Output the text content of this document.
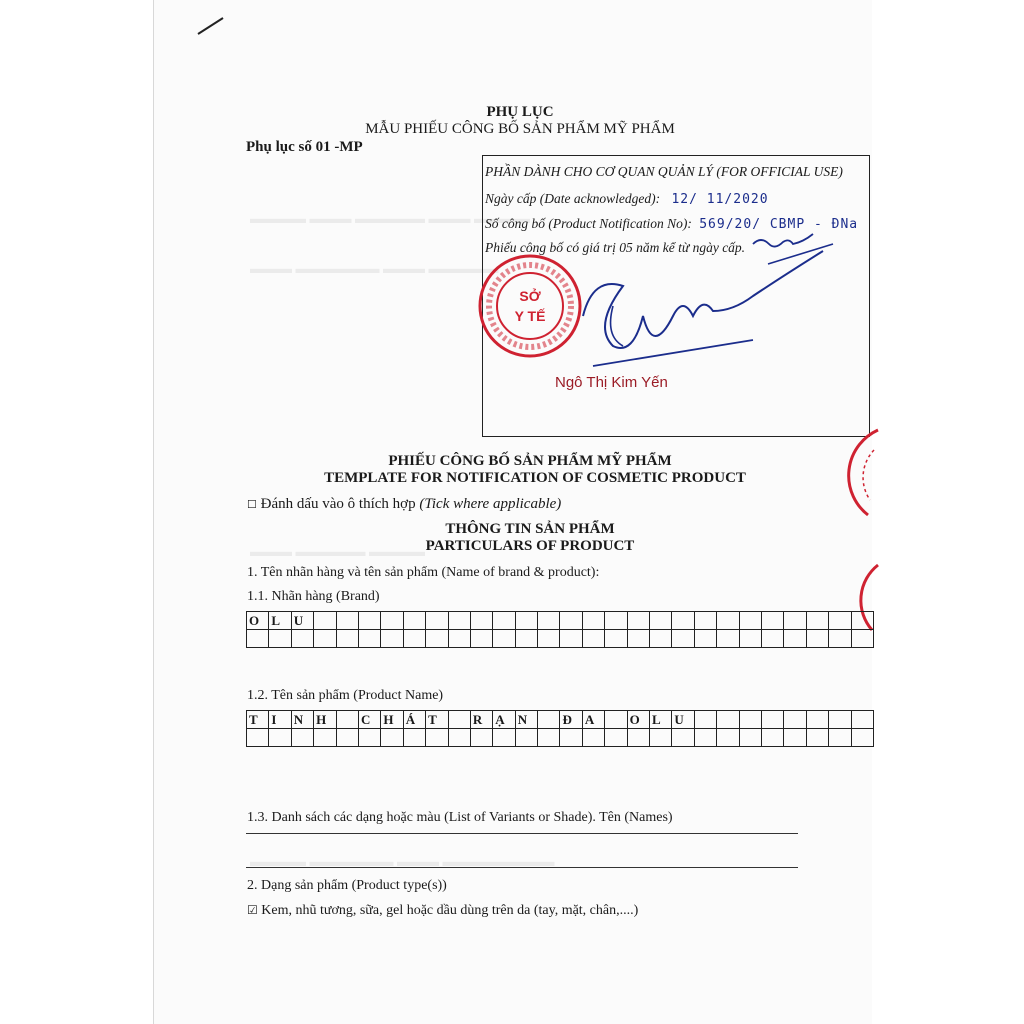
▬▬▬▬ ▬▬▬ ▬▬▬▬▬ ▬▬▬ ▬▬▬▬
▬▬▬ ▬▬▬▬▬▬ ▬▬▬ ▬▬▬▬▬
▬▬▬ ▬▬▬▬▬ ▬▬▬▬
▬▬▬▬ ▬▬▬▬▬▬ ▬▬▬ ▬▬▬▬▬▬▬▬
PHỤ LỤC
MẪU PHIẾU CÔNG BỐ SẢN PHẨM MỸ PHẨM
Phụ lục số 01 -MP
PHẦN DÀNH CHO CƠ QUAN QUẢN LÝ (FOR OFFICIAL USE)
Ngày cấp (Date acknowledged): 12/ 11/2020
Số công bố (Product Notification No): 569/20/ CBMP - ĐNa
Phiếu công bố có giá trị 05 năm kể từ ngày cấp.
SỞ
Y TẾ
Ngô Thị Kim Yến
PHIẾU CÔNG BỐ SẢN PHẨM MỸ PHẨM
TEMPLATE FOR NOTIFICATION OF COSMETIC PRODUCT
☐ Đánh dấu vào ô thích hợp (Tick where applicable)
THÔNG TIN SẢN PHẨM
PARTICULARS OF PRODUCT
1. Tên nhãn hàng và tên sản phẩm (Name of brand & product):
1.1. Nhãn hàng (Brand)
O	L	U																									

1.2. Tên sản phẩm (Product Name)
T	I	N	H		C	H	Á	T		R	Ạ	N		Đ	A		O	L	U								

1.3. Danh sách các dạng hoặc màu (List of Variants or Shade). Tên (Names)
2. Dạng sản phẩm (Product type(s))
☑ Kem, nhũ tương, sữa, gel hoặc dầu dùng trên da (tay, mặt, chân,....)
